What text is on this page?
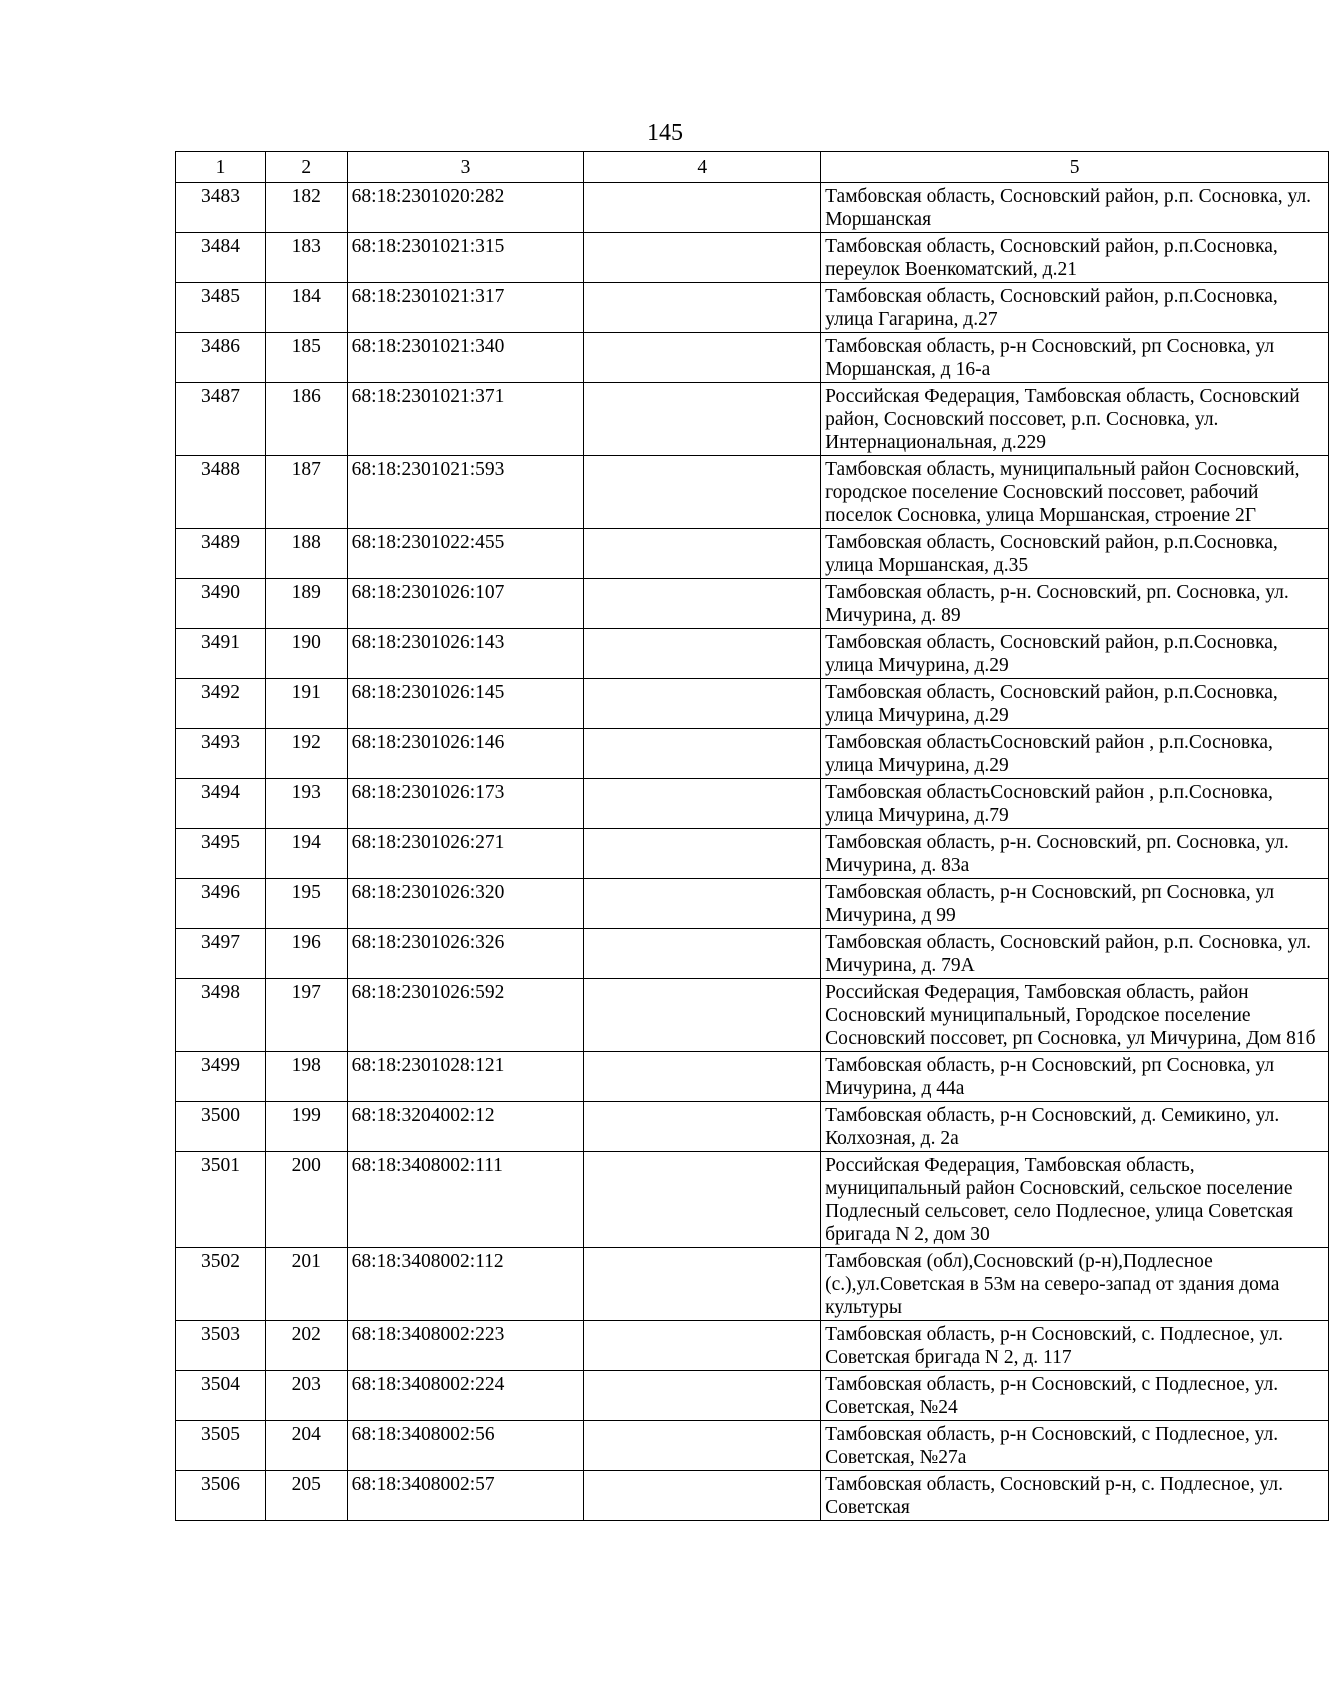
145
1	2	3	4	5
3483	182	68:18:2301020:282		Тамбовская область, Сосновский район, р.п. Сосновка, ул. Моршанская
3484	183	68:18:2301021:315		Тамбовская область, Сосновский район, р.п.Сосновка, переулок Военкоматский, д.21
3485	184	68:18:2301021:317		Тамбовская область, Сосновский район, р.п.Сосновка, улица Гагарина, д.27
3486	185	68:18:2301021:340		Тамбовская область, р-н Сосновский, рп Сосновка, ул Моршанская, д 16-а
3487	186	68:18:2301021:371		Российская Федерация, Тамбовская область, Сосновский район, Сосновский поссовет, р.п. Сосновка, ул. Интернациональная, д.229
3488	187	68:18:2301021:593		Тамбовская область, муниципальный район Сосновский, городское поселение Сосновский поссовет, рабочий поселок Сосновка, улица Моршанская, строение 2Г
3489	188	68:18:2301022:455		Тамбовская область, Сосновский район, р.п.Сосновка, улица Моршанская, д.35
3490	189	68:18:2301026:107		Тамбовская область, р-н. Сосновский, рп. Сосновка, ул. Мичурина, д. 89
3491	190	68:18:2301026:143		Тамбовская область, Сосновский район, р.п.Сосновка, улица Мичурина, д.29
3492	191	68:18:2301026:145		Тамбовская область, Сосновский район, р.п.Сосновка, улица Мичурина, д.29
3493	192	68:18:2301026:146		Тамбовская областьСосновский район , р.п.Сосновка, улица Мичурина, д.29
3494	193	68:18:2301026:173		Тамбовская областьСосновский район , р.п.Сосновка, улица Мичурина, д.79
3495	194	68:18:2301026:271		Тамбовская область, р-н. Сосновский, рп. Сосновка, ул. Мичурина, д. 83а
3496	195	68:18:2301026:320		Тамбовская область, р-н Сосновский, рп Сосновка, ул Мичурина, д 99
3497	196	68:18:2301026:326		Тамбовская область, Сосновский район, р.п. Сосновка, ул. Мичурина, д. 79А
3498	197	68:18:2301026:592		Российская Федерация, Тамбовская область, район Сосновский муниципальный, Городское поселение Сосновский поссовет, рп Сосновка, ул Мичурина, Дом 81б
3499	198	68:18:2301028:121		Тамбовская область, р-н Сосновский, рп Сосновка, ул Мичурина, д 44а
3500	199	68:18:3204002:12		Тамбовская область, р-н Сосновский, д. Семикино, ул. Колхозная, д. 2а
3501	200	68:18:3408002:111		Российская Федерация, Тамбовская область, муниципальный район Сосновский, сельское поселение Подлесный сельсовет, село Подлесное, улица Советская бригада N 2, дом 30
3502	201	68:18:3408002:112		Тамбовская (обл),Сосновский (р-н),Подлесное (с.),ул.Советская в 53м на северо-запад от здания дома культуры
3503	202	68:18:3408002:223		Тамбовская область, р-н Сосновский, с. Подлесное, ул. Советская бригада N 2, д. 117
3504	203	68:18:3408002:224		Тамбовская область, р-н Сосновский, с Подлесное, ул. Советская, №24
3505	204	68:18:3408002:56		Тамбовская область, р-н Сосновский, с Подлесное, ул. Советская, №27а
3506	205	68:18:3408002:57		Тамбовская область, Сосновский р-н, с. Подлесное, ул. Советская
